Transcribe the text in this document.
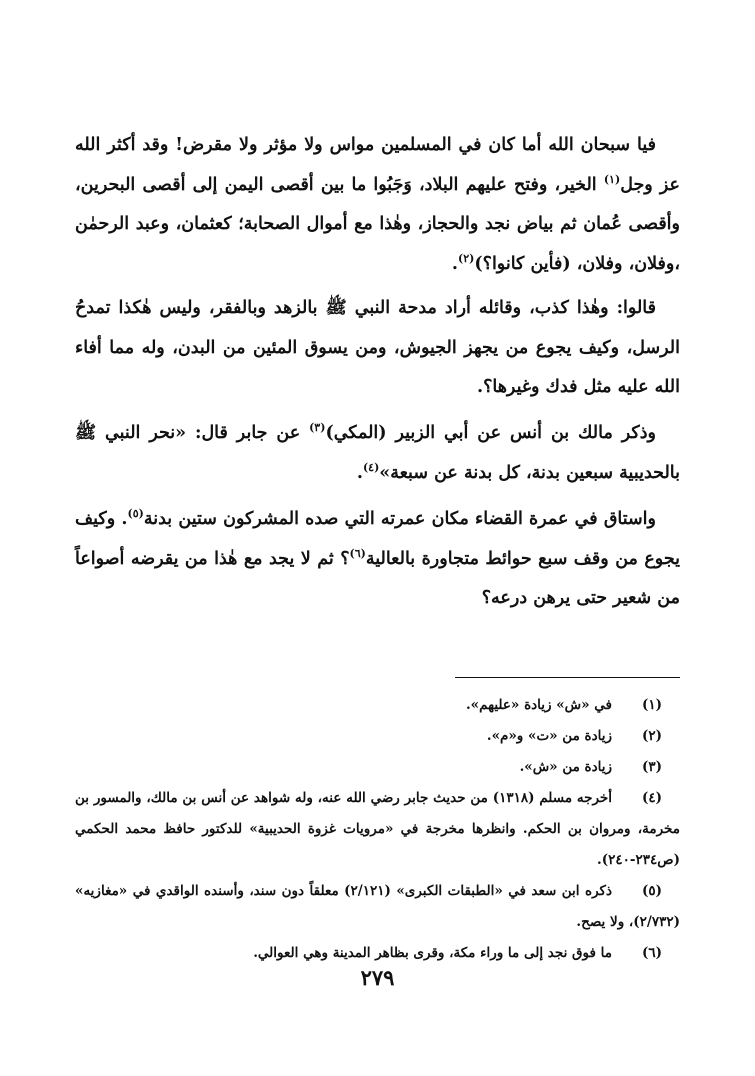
فيا سبحان الله أما كان في المسلمين مواس ولا مؤثر ولا مقرض! وقد أكثر الله عز وجل$^{(١)}$ الخير، وفتح عليهم البلاد، وَجَبُوا ما بين أقصى اليمن إلى أقصى البحرين، وأقصى عُمان ثم بياض نجد والحجاز، وهٰذا مع أموال الصحابة؛ كعثمان، وعبد الرحمٰن ،وفلان، وفلان، (فأين كانوا؟)$^{(٢)}$.

قالوا: وهٰذا كذب، وقائله أراد مدحة النبي ﷺ بالزهد وبالفقر، وليس هٰكذا تمدحُ الرسل، وكيف يجوع من يجهز الجيوش، ومن يسوق المئين من البدن، وله مما أفاء الله عليه مثل فدك وغيرها؟.

وذكر مالك بن أنس عن أبي الزبير (المكي)$^{(٣)}$ عن جابر قال: «نحر النبي ﷺ بالحديبية سبعين بدنة، كل بدنة عن سبعة»$^{(٤)}$.

واستاق في عمرة القضاء مكان عمرته التي صده المشركون ستين بدنة$^{(٥)}$. وكيف يجوع من وقف سبع حوائط متجاورة بالعالية$^{(٦)}$؟ ثم لا يجد مع هٰذا من يقرضه أصواعاً من شعير حتى يرهن درعه؟

(١)في «ش» زيادة «عليهم».

(٢)زيادة من «ت» و«م».

(٣)زيادة من «ش».

(٤)أخرجه مسلم (١٣١٨) من حديث جابر رضي الله عنه، وله شواهد عن أنس بن مالك، والمسور بن مخرمة، ومروان بن الحكم. وانظرها مخرجة في «مرويات غزوة الحديبية» للدكتور حافظ محمد الحكمي (ص٢٣٤-٢٤٠).

(٥)ذكره ابن سعد في «الطبقات الكبرى» (٢/١٢١) معلقاً دون سند، وأسنده الواقدي في «مغازيه» (٢/٧٣٢)، ولا يصح.

(٦)ما فوق نجد إلى ما وراء مكة، وقرى بظاهر المدينة وهي العوالي.

٢٧٩
